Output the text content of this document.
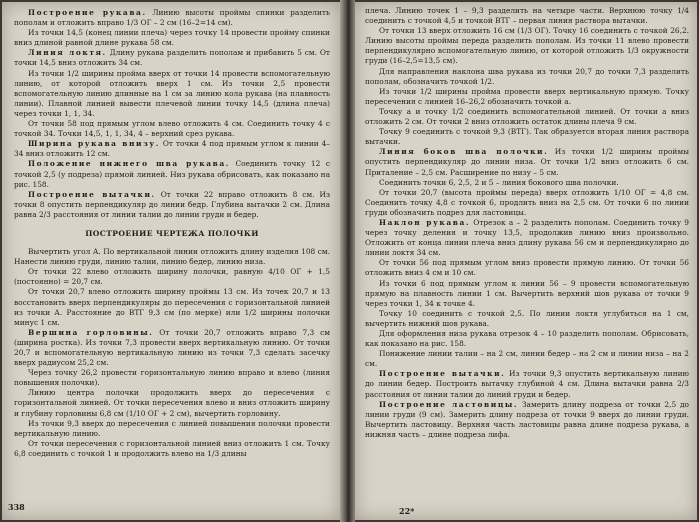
Построение рукава. Линию высоты проймы спинки разделить пополам и отложить вправо 1/3 ОГ – 2 см (16–2=14 см).

Из точки 14,5 (конец линии плеча) через точку 14 провести пройму спинки вниз длиной равной длине рукава 58 см.

Линия локтя. Длину рукава разделить пополам и прибавить 5 см. От точки 14,5 вниз отложить 34 см.

Из точки 1/2 ширины пройма вверх от точки 14 провести вспомогательную линию, от которой отложить вверх 1 см. Из точки 2,5 провести вспомогательную линию длинные на 1 см за линию кола рукава (на плавность линии). Плавной линией вывести плечевой линии точку 14,5 (длина плеча) через точки 1, 1, 34.

От точки 58 под прямым углом влево отложить 4 см. Соединить точку 4 с точкой 34. Точки 14,5, 1, 1, 34, 4 – верхний срез рукава.

Ширина рукава внизу. От точки 4 под прямым углом к линии 4–34 вниз отложить 12 см.

Положение нижнего шва рукава. Соединить точку 12 с точкой 2,5 (у подреза) прямой линией. Низ рукава обрисовать, как показано на рис. 158.

Построение вытачки. От точки 22 вправо отложить 8 см. Из точки 8 опустить перпендикуляр до линии бедр. Глубина вытачки 2 см. Длина равна 2/3 расстояния от линии талии до линии груди и бедер.

ПОСТРОЕНИЕ ЧЕРТЕЖА ПОЛОЧКИ

Вычертить угол А. По вертикальной линии отложить длину изделия 108 см. Нанести линию груди, линию талии, линию бедер, линию низа.

От точки 22 влево отложить ширину полочки, равную 4/10 ОГ + 1,5 (постоянно) = 20,7 см.

От точки 20,7 влево отложить ширину проймы 13 см. Из точек 20,7 и 13 восстановить вверх перпендикуляры до пересечения с горизонтальной линией из точки А. Расстояние до ВТГ 9,3 см (по мерке) или 1/2 ширины полочки минус 1 см.

Вершина горловины. От точки 20,7 отложить вправо 7,3 см (ширина ростка). Из точки 7,3 провести вверх вертикальную линию. От точки 20,7 и вспомогательную вертикальную линию из точки 7,3 сделать засечку вверх радиусом 25,2 см.

Через точку 26,2 провести горизонтальную линию вправо и влево (линия повышения полочки).

Линию центра полочки продолжить вверх до пересечения с горизонтальной линией. От точки пересечения влево и вниз отложить ширину и глубину горловины 6,8 см (1/10 ОГ + 2 см), вычертить горловину.

Из точки 9,3 вверх до пересечения с линией повышения полочки провести вертикальную линию.

От точки пересечения с горизонтальной линией вниз отложить 1 см. Точку 6,8 соединить с точкой 1 и продолжить влево на 1/3 длины

338

плеча. Линию точек 1 – 9,3 разделить на четыре части. Верхнюю точку 1/4 соединить с точкой 4,5 и точкой ВТГ – первая линия раствора вытачки.

От точки 13 вверх отложить 16 см (1/3 ОГ). Точку 16 соединить с точкой 26,2. Линию высоты проймы переда разделить пополам. Из точки 11 влево провести перпендикулярно вспомогательную линию, от которой отложить 1/3 окружности груди (16–2,5=13,5 см).

Для направления наклона шва рукава из точки 20,7 до точки 7,3 разделить пополам, обозначить точкой 1/2.

Из точки 1/2 ширины пройма провести вверх вертикальную прямую. Точку пересечения с линией 16–26,2 обозначить точкой а.

Точку а и точку 1/2 соединить вспомогательной линией. От точки а вниз отложить 2 см. От точки 2 вниз отложить остаток длины плеча 9 см.

Точку 9 соединить с точкой 9,3 (ВТГ). Так образуется вторая линия раствора вытачки.

Линия боков шва полочки. Из точки 1/2 ширины проймы опустить перпендикуляр до линии низа. От точки 1/2 вниз отложить 6 см. Приталение – 2,5 см. Расширение по низу – 5 см.

Соединить точки 6, 2,5, 2 и 5 – линия бокового шва полочки.

От точки 20,7 (высота проймы переда) вверх отложить 1/10 ОГ = 4,8 см. Соединить точку 4,8 с точкой 6, продлить вниз на 2,5 см. От точки 6 по линии груди обозначить подрез для ластовицы.

Наклон рукава. Отрезок а – 2 разделить пополам. Соединить точку 9 через точку деления и точку 13,5, продолжив линию вниз произвольно. Отложить от конца линии плеча вниз длину рукава 56 см и перпендикулярно до линии локтя 34 см.

От точки 56 под прямым углом вниз провести прямую линию. От точки 56 отложить вниз 4 см и 10 см.

Из точки 6 под прямым углом к линии 56 – 9 провести вспомогательную прямую на плавность линии 1 см. Вычертить верхний шов рукава от точки 9 через точки 1, 34 к точке 4.

Точку 10 соединить с точкой 2,5. По линии локтя углубиться на 1 см, вычертить нижний шов рукава.

Для оформления низа рукава отрезок 4 – 10 разделить пополам. Обрисовать, как показано на рис. 158.

Понижение линии талии – на 2 см, линии бедер – на 2 см и линии низа – на 2 см.

Построение вытачки. Из точки 9,3 опустить вертикальную линию до линии бедер. Построить вытачку глубиной 4 см. Длина вытачки равна 2/3 расстояния от линии талии до линий груди и бедер.

Построение ластовицы. Замерить длину подреза от точки 2,5 до линии груди (9 см). Замерить длину подреза от точки 9 вверх до линии груди. Вычертить ластовицу. Верхняя часть ластовицы равна длине подреза рукава, а нижняя часть – длине подреза лифа.

22*
